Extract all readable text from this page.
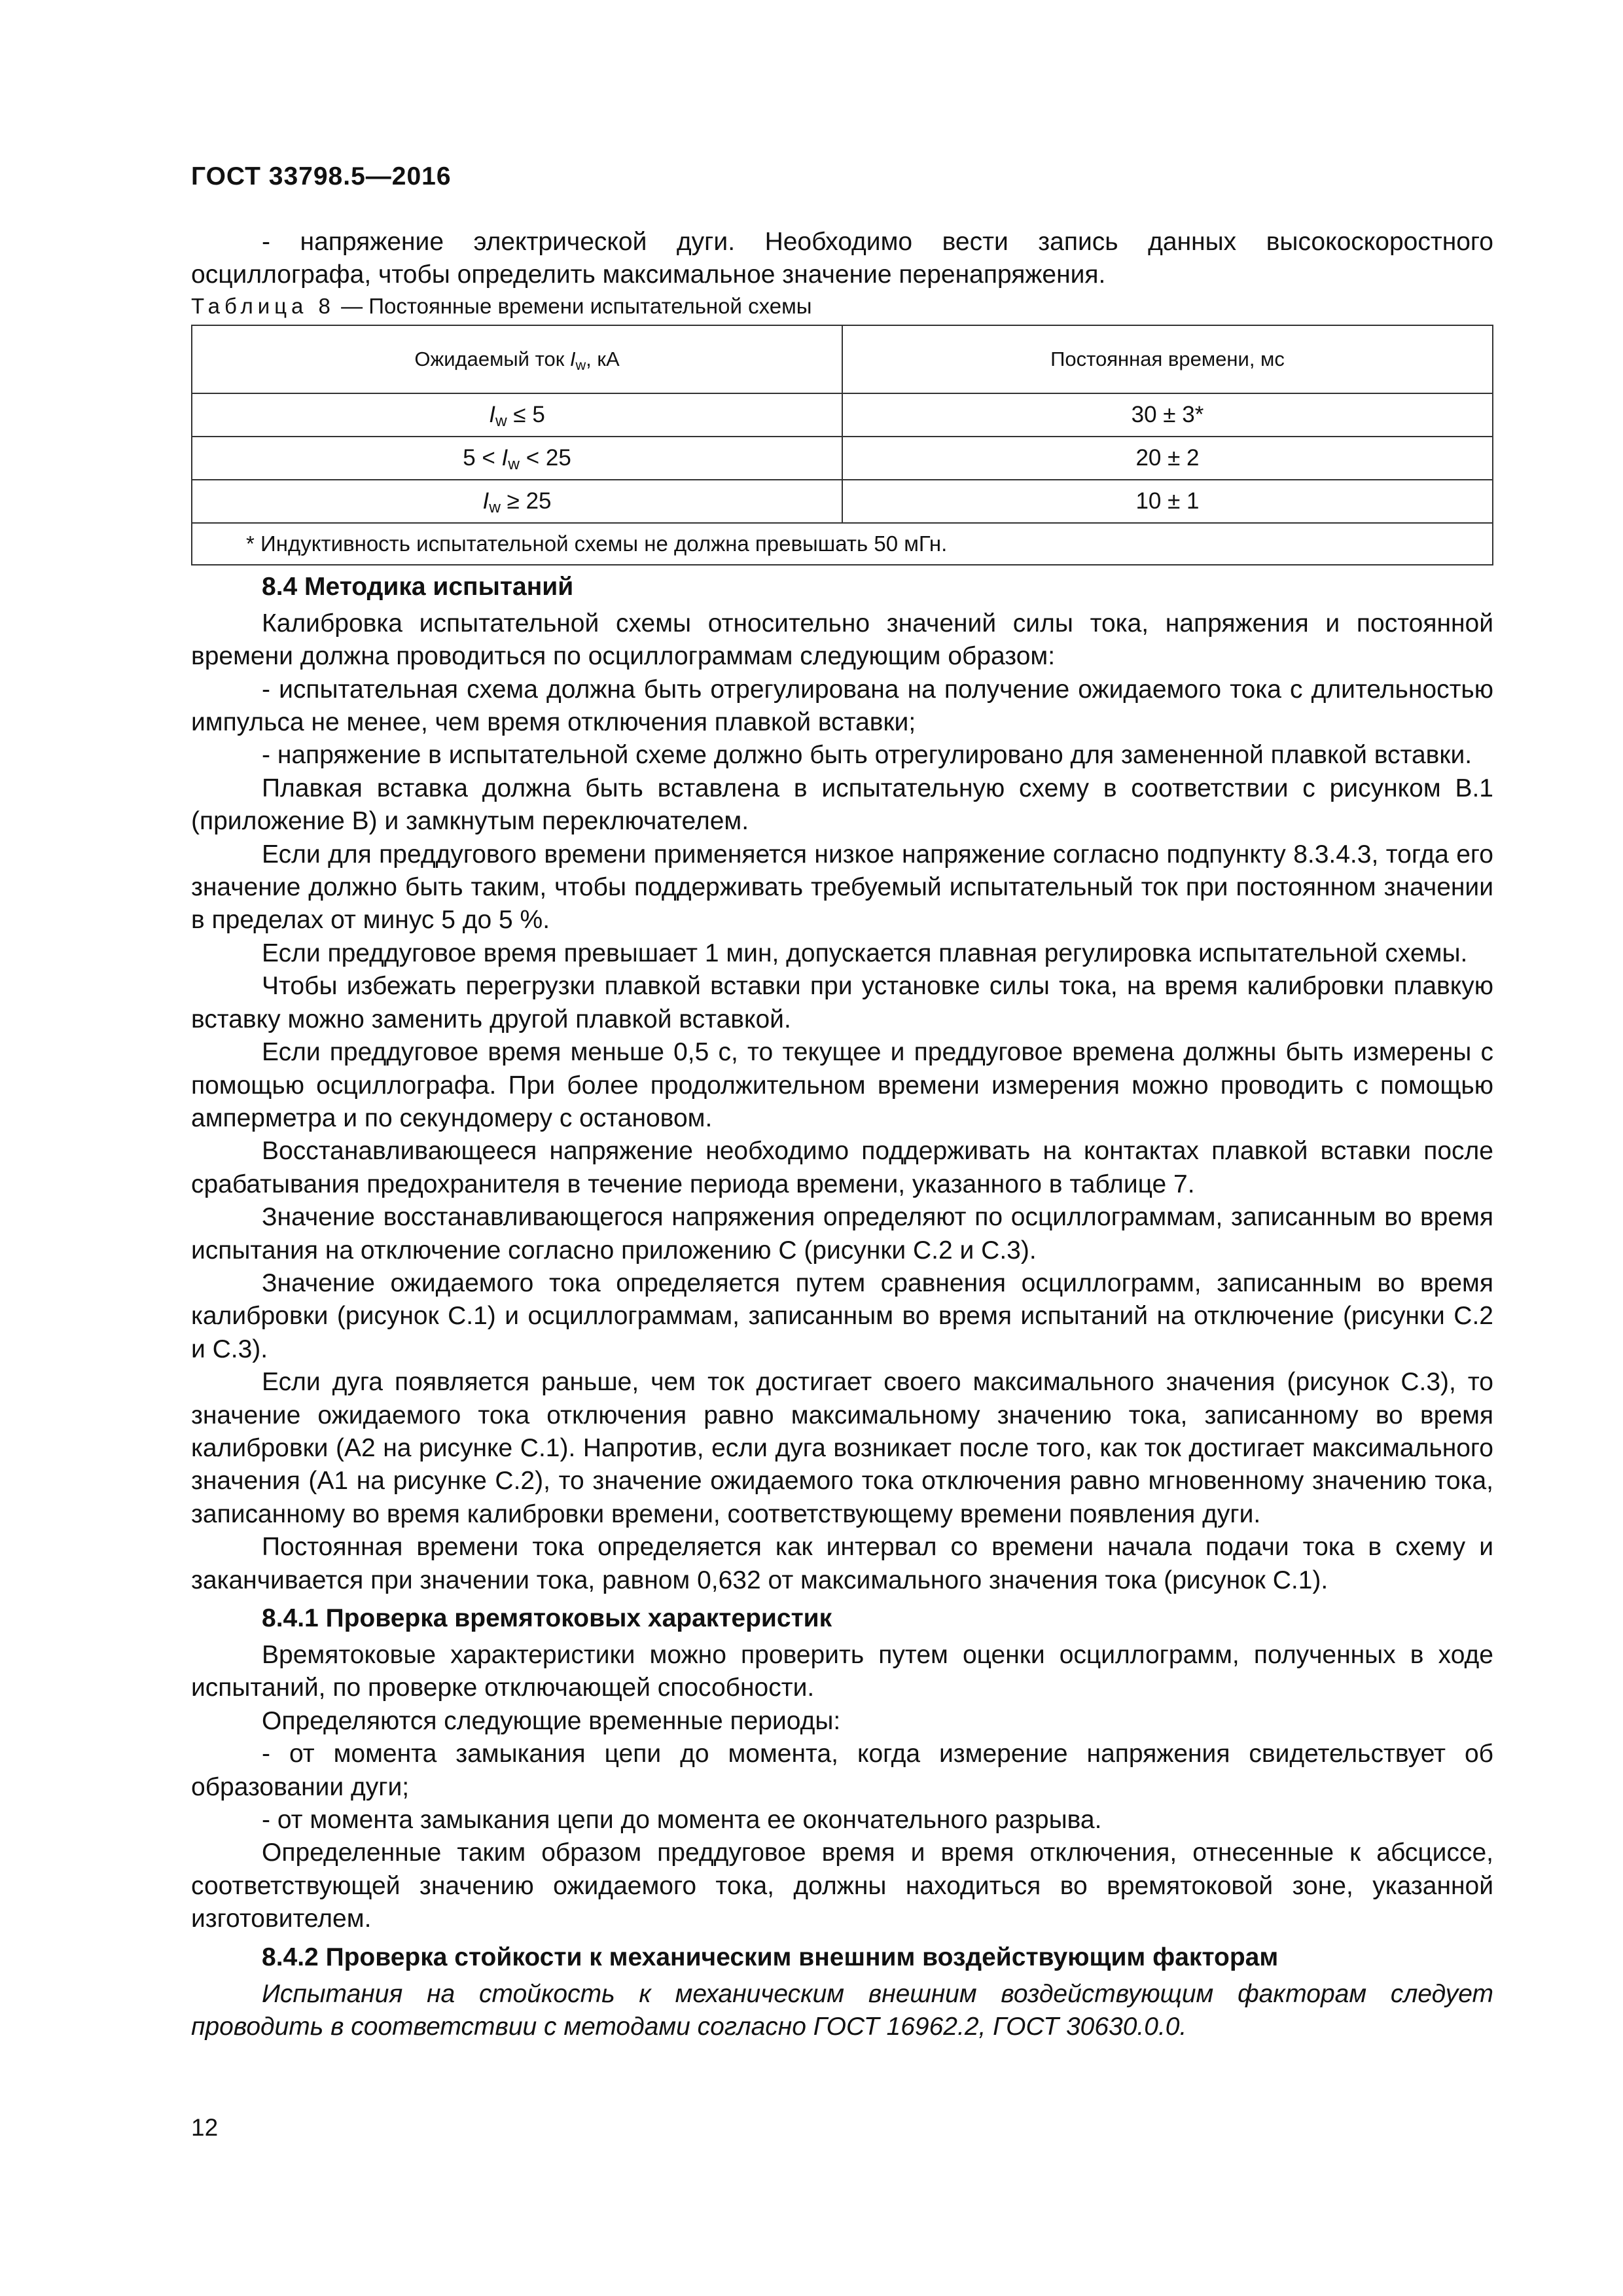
ГОСТ 33798.5—2016

- напряжение электрической дуги. Необходимо вести запись данных высокоскоростного осциллографа, чтобы определить максимальное значение перенапряжения.

Таблица 8 — Постоянные времени испытательной схемы
Ожидаемый ток $I_w$, кА	Постоянная времени, мс
$I_w \le 5$	30 ± 3*
$5 < I_w < 25$	20 ± 2
$I_w \ge 25$	10 ± 1
* Индуктивность испытательной схемы не должна превышать 50 мГн.	
8.4 Методика испытаний

Калибровка испытательной схемы относительно значений силы тока, напряжения и постоянной времени должна проводиться по осциллограммам следующим образом:

- испытательная схема должна быть отрегулирована на получение ожидаемого тока с длительностью импульса не менее, чем время отключения плавкой вставки;

- напряжение в испытательной схеме должно быть отрегулировано для замененной плавкой вставки.

Плавкая вставка должна быть вставлена в испытательную схему в соответствии с рисунком В.1 (приложение В) и замкнутым переключателем.

Если для преддугового времени применяется низкое напряжение согласно подпункту 8.3.4.3, тогда его значение должно быть таким, чтобы поддерживать требуемый испытательный ток при постоянном значении в пределах от минус 5 до 5 %.

Если преддуговое время превышает 1 мин, допускается плавная регулировка испытательной схемы.

Чтобы избежать перегрузки плавкой вставки при установке силы тока, на время калибровки плавкую вставку можно заменить другой плавкой вставкой.

Если преддуговое время меньше 0,5 с, то текущее и преддуговое времена должны быть измерены с помощью осциллографа. При более продолжительном времени измерения можно проводить с помощью амперметра и по секундомеру с остановом.

Восстанавливающееся напряжение необходимо поддерживать на контактах плавкой вставки после срабатывания предохранителя в течение периода времени, указанного в таблице 7.

Значение восстанавливающегося напряжения определяют по осциллограммам, записанным во время испытания на отключение согласно приложению С (рисунки С.2 и С.3).

Значение ожидаемого тока определяется путем сравнения осциллограмм, записанным во время калибровки (рисунок С.1) и осциллограммам, записанным во время испытаний на отключение (рисунки С.2 и С.3).

Если дуга появляется раньше, чем ток достигает своего максимального значения (рисунок С.3), то значение ожидаемого тока отключения равно максимальному значению тока, записанному во время калибровки (А2 на рисунке С.1). Напротив, если дуга возникает после того, как ток достигает максимального значения (А1 на рисунке С.2), то значение ожидаемого тока отключения равно мгновенному значению тока, записанному во время калибровки времени, соответствующему времени появления дуги.

Постоянная времени тока определяется как интервал со времени начала подачи тока в схему и заканчивается при значении тока, равном 0,632 от максимального значения тока (рисунок С.1).

8.4.1 Проверка времятоковых характеристик

Времятоковые характеристики можно проверить путем оценки осциллограмм, полученных в ходе испытаний, по проверке отключающей способности.

Определяются следующие временные периоды:

- от момента замыкания цепи до момента, когда измерение напряжения свидетельствует об образовании дуги;

- от момента замыкания цепи до момента ее окончательного разрыва.

Определенные таким образом преддуговое время и время отключения, отнесенные к абсциссе, соответствующей значению ожидаемого тока, должны находиться во времятоковой зоне, указанной изготовителем.

8.4.2 Проверка стойкости к механическим внешним воздействующим факторам

Испытания на стойкость к механическим внешним воздействующим факторам следует проводить в соответствии с методами согласно ГОСТ 16962.2, ГОСТ 30630.0.0.

12
